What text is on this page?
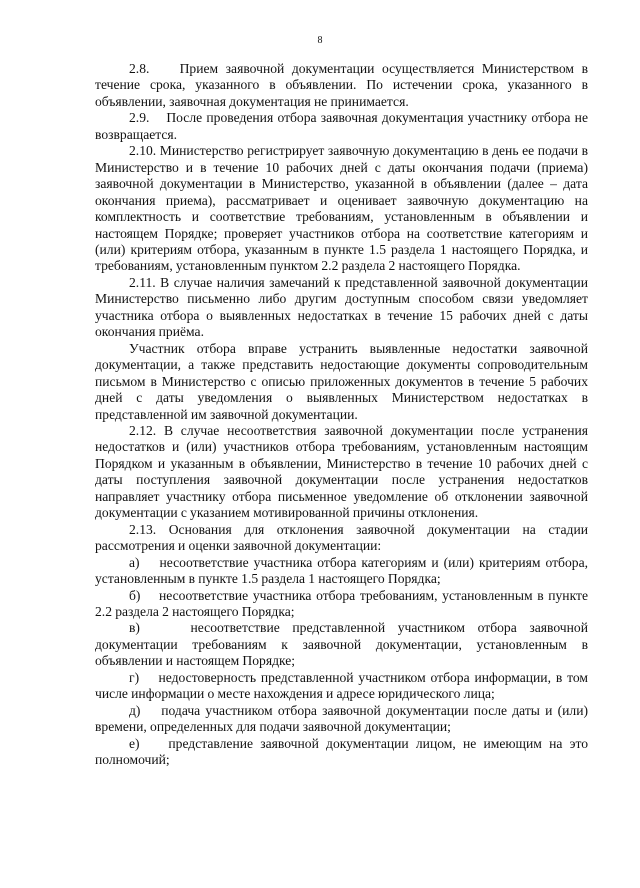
8

2.8.    Прием заявочной документации осуществляется Министерством в течение срока, указанного в объявлении. По истечении срока, указанного в объявлении, заявочная документация не принимается.

2.9.    После проведения отбора заявочная документация участнику отбора не возвращается.

2.10. Министерство регистрирует заявочную документацию в день ее подачи в Министерство и в течение 10 рабочих дней с даты окончания подачи (приема) заявочной документации в Министерство, указанной в объявлении (далее – дата окончания приема), рассматривает и оценивает заявочную документацию на комплектность и соответствие требованиям, установленным в объявлении и настоящем Порядке; проверяет участников отбора на соответствие категориям и (или) критериям отбора, указанным в пункте 1.5 раздела 1 настоящего Порядка, и требованиям, установленным пунктом 2.2 раздела 2 настоящего Порядка.

2.11. В случае наличия замечаний к представленной заявочной документации Министерство письменно либо другим доступным способом связи уведомляет участника отбора о выявленных недостатках в течение 15 рабочих дней с даты окончания приёма.

Участник отбора вправе устранить выявленные недостатки заявочной документации, а также представить недостающие документы сопроводительным письмом в Министерство с описью приложенных документов в течение 5 рабочих дней с даты уведомления о выявленных Министерством недостатках в представленной им заявочной документации.

2.12. В случае несоответствия заявочной документации после устранения недостатков и (или) участников отбора требованиям, установленным настоящим Порядком и указанным в объявлении, Министерство в течение 10 рабочих дней с даты поступления заявочной документации после устранения недостатков направляет участнику отбора письменное уведомление об отклонении заявочной документации с указанием мотивированной причины отклонения.

2.13. Основания для отклонения заявочной документации на стадии рассмотрения и оценки заявочной документации:

а)    несоответствие участника отбора категориям и (или) критериям отбора, установленным в пункте 1.5 раздела 1 настоящего Порядка;

б)    несоответствие участника отбора требованиям, установленным в пункте 2.2 раздела 2 настоящего Порядка;

в)    несоответствие представленной участником отбора заявочной документации требованиям к заявочной документации, установленным в объявлении и настоящем Порядке;

г)    недостоверность представленной участником отбора информации, в том числе информации о месте нахождения и адресе юридического лица;

д)    подача участником отбора заявочной документации после даты и (или) времени, определенных для подачи заявочной документации;

е)    представление заявочной документации лицом, не имеющим на это полномочий;
